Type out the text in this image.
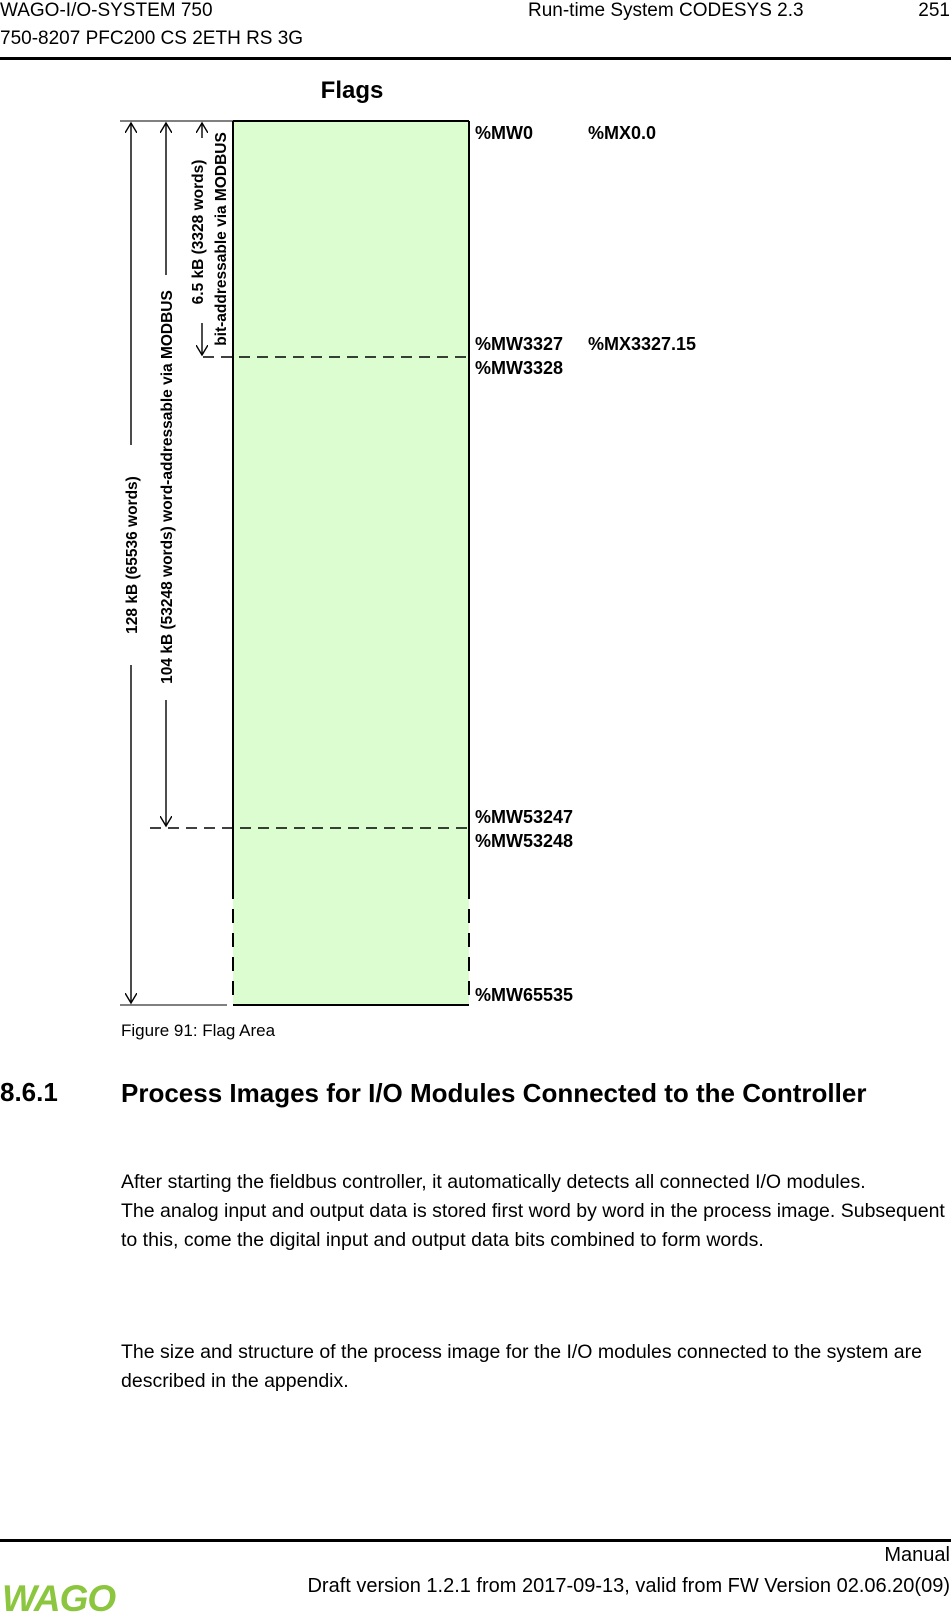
WAGO-I/O-SYSTEM 750
750-8207 PFC200 CS 2ETH RS 3G
Run-time System CODESYS 2.3	251
Flags
128 kB (65536 words) 104 kB (53248 words) word-addressable via MODBUS
6.5 kB (3328 words) bit-addressable via MODBUS	%MW0	%MX0.0
%MW3327 %MX3327.15
%MW3328
%MW53247
%MW53248
%MW65535
Figure 91: Flag Area
8.6.1 Process Images for I/O Modules Connected to the Controller
After starting the fieldbus controller, it automatically detects all connected I/O modules.
The analog input and output data is stored first word by word in the process image. Subsequent to this, come the digital input and output data bits combined to form words.

The size and structure of the process image for the I/O modules connected to the system are described in the appendix.

Manual
Draft version 1.2.1 from 2017-09-13, valid from FW Version 02.06.20(09)
WAGO
